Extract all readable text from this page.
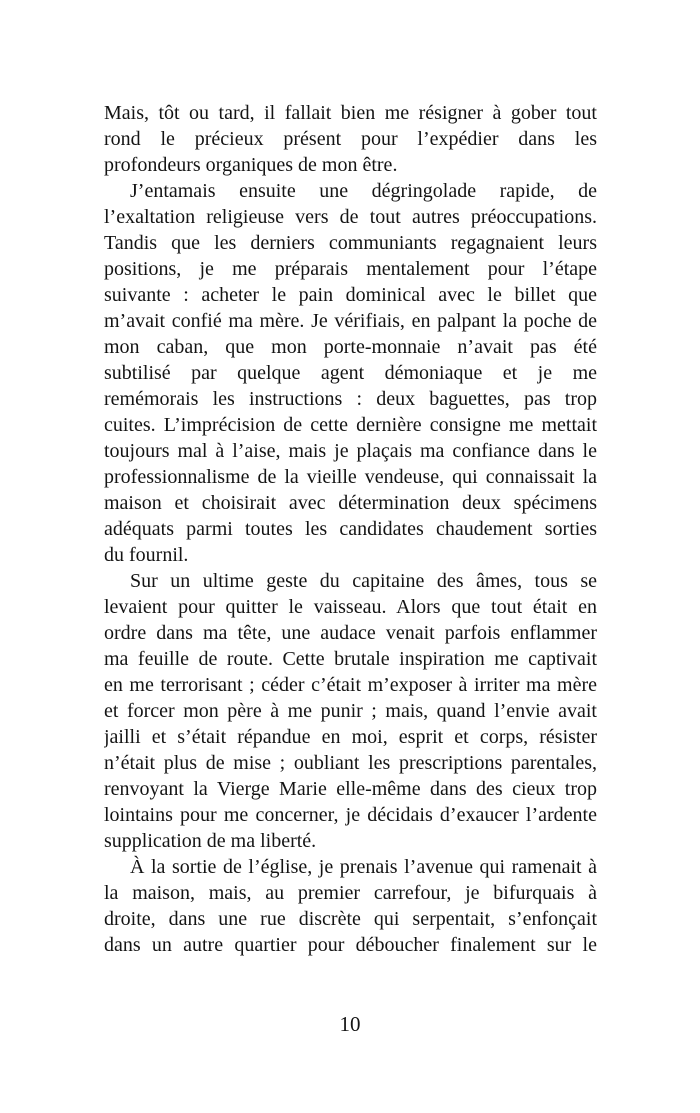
Mais, tôt ou tard, il fallait bien me résigner à gober tout
rond le précieux présent pour l’expédier dans les
profondeurs organiques de mon être.
J’entamais ensuite une dégringolade rapide, de
l’exaltation religieuse vers de tout autres préoccupations.
Tandis que les derniers communiants regagnaient leurs
positions, je me préparais mentalement pour l’étape
suivante : acheter le pain dominical avec le billet que
m’avait confié ma mère. Je vérifiais, en palpant la poche de
mon caban, que mon porte-monnaie n’avait pas été
subtilisé par quelque agent démoniaque et je me
remémorais les instructions : deux baguettes, pas trop
cuites. L’imprécision de cette dernière consigne me mettait
toujours mal à l’aise, mais je plaçais ma confiance dans le
professionnalisme de la vieille vendeuse, qui connaissait la
maison et choisirait avec détermination deux spécimens
adéquats parmi toutes les candidates chaudement sorties
du fournil.
Sur un ultime geste du capitaine des âmes, tous se
levaient pour quitter le vaisseau. Alors que tout était en
ordre dans ma tête, une audace venait parfois enflammer
ma feuille de route. Cette brutale inspiration me captivait
en me terrorisant ; céder c’était m’exposer à irriter ma mère
et forcer mon père à me punir ; mais, quand l’envie avait
jailli et s’était répandue en moi, esprit et corps, résister
n’était plus de mise ; oubliant les prescriptions parentales,
renvoyant la Vierge Marie elle-même dans des cieux trop
lointains pour me concerner, je décidais d’exaucer l’ardente
supplication de ma liberté.
À la sortie de l’église, je prenais l’avenue qui ramenait à
la maison, mais, au premier carrefour, je bifurquais à
droite, dans une rue discrète qui serpentait, s’enfonçait
dans un autre quartier pour déboucher finalement sur le
10
